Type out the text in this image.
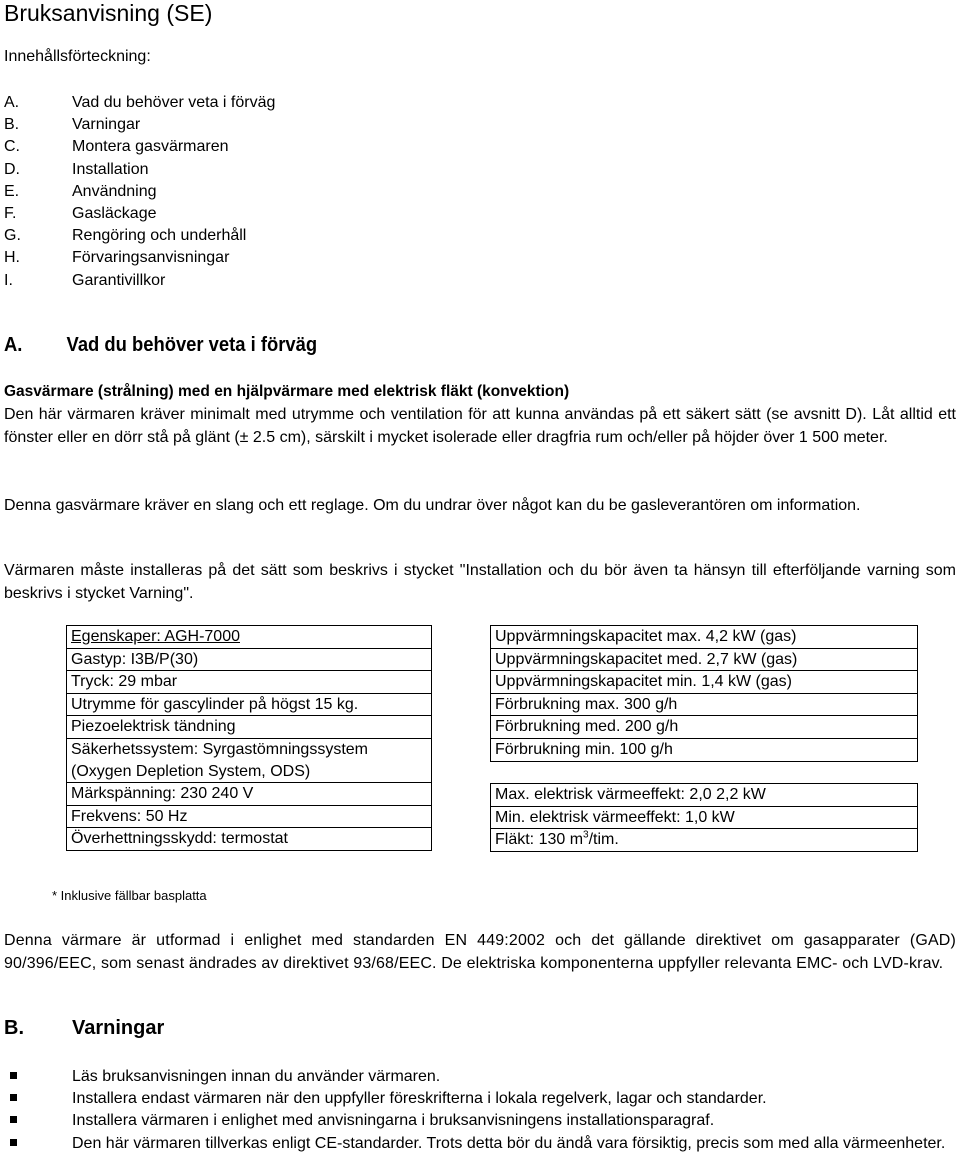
Bruksanvisning (SE)
Innehållsförteckning:
A.	Vad du behöver veta i förväg
B.	Varningar
C.	Montera gasvärmaren
D.	Installation
E.	Användning
F.	Gasläckage
G.	Rengöring och underhåll
H.	Förvaringsanvisningar
I.	Garantivillkor
A. Vad du behöver veta i förväg
Gasvärmare (strålning) med en hjälpvärmare med elektrisk fläkt (konvektion)
Den här värmaren kräver minimalt med utrymme och ventilation för att kunna användas på ett säkert sätt (se avsnitt D). Låt alltid ett fönster eller en dörr stå på glänt (± 2.5 cm), särskilt i mycket isolerade eller dragfria rum och/eller på höjder över 1 500 meter.
Denna gasvärmare kräver en slang och ett reglage. Om du undrar över något kan du be gasleverantören om information.
Värmaren måste installeras på det sätt som beskrivs i stycket "Installation och du bör även ta hänsyn till efterföljande varning som beskrivs i stycket Varning".
Egenskaper: AGH-7000
Gastyp: I3B/P(30)
Tryck: 29 mbar
Utrymme för gascylinder på högst 15 kg.
Piezoelektrisk tändning
Säkerhetssystem: Syrgastömningssystem (Oxygen Depletion System, ODS)
Märkspänning: 230 240 V
Frekvens: 50 Hz
Överhettningsskydd: termostat
Uppvärmningskapacitet max. 4,2 kW (gas)
Uppvärmningskapacitet med. 2,7 kW (gas)
Uppvärmningskapacitet min. 1,4 kW (gas)
Förbrukning max. 300 g/h
Förbrukning med. 200 g/h
Förbrukning min. 100 g/h
Max. elektrisk värmeeffekt: 2,0 2,2 kW
Min. elektrisk värmeeffekt: 1,0 kW
Fläkt: 130 $m^3$/tim.
* Inklusive fällbar basplatta
Denna värmare är utformad i enlighet med standarden EN 449:2002 och det gällande direktivet om gasapparater (GAD) 90/396/EEC, som senast ändrades av direktivet 93/68/EEC. De elektriska komponenterna uppfyller relevanta EMC- och LVD-krav.
B. Varningar
Läs bruksanvisningen innan du använder värmaren.
Installera endast värmaren när den uppfyller föreskrifterna i lokala regelverk, lagar och standarder.
Installera värmaren i enlighet med anvisningarna i bruksanvisningens installationsparagraf.
Den här värmaren tillverkas enligt CE-standarder. Trots detta bör du ändå vara försiktig, precis som med alla värmeenheter.
